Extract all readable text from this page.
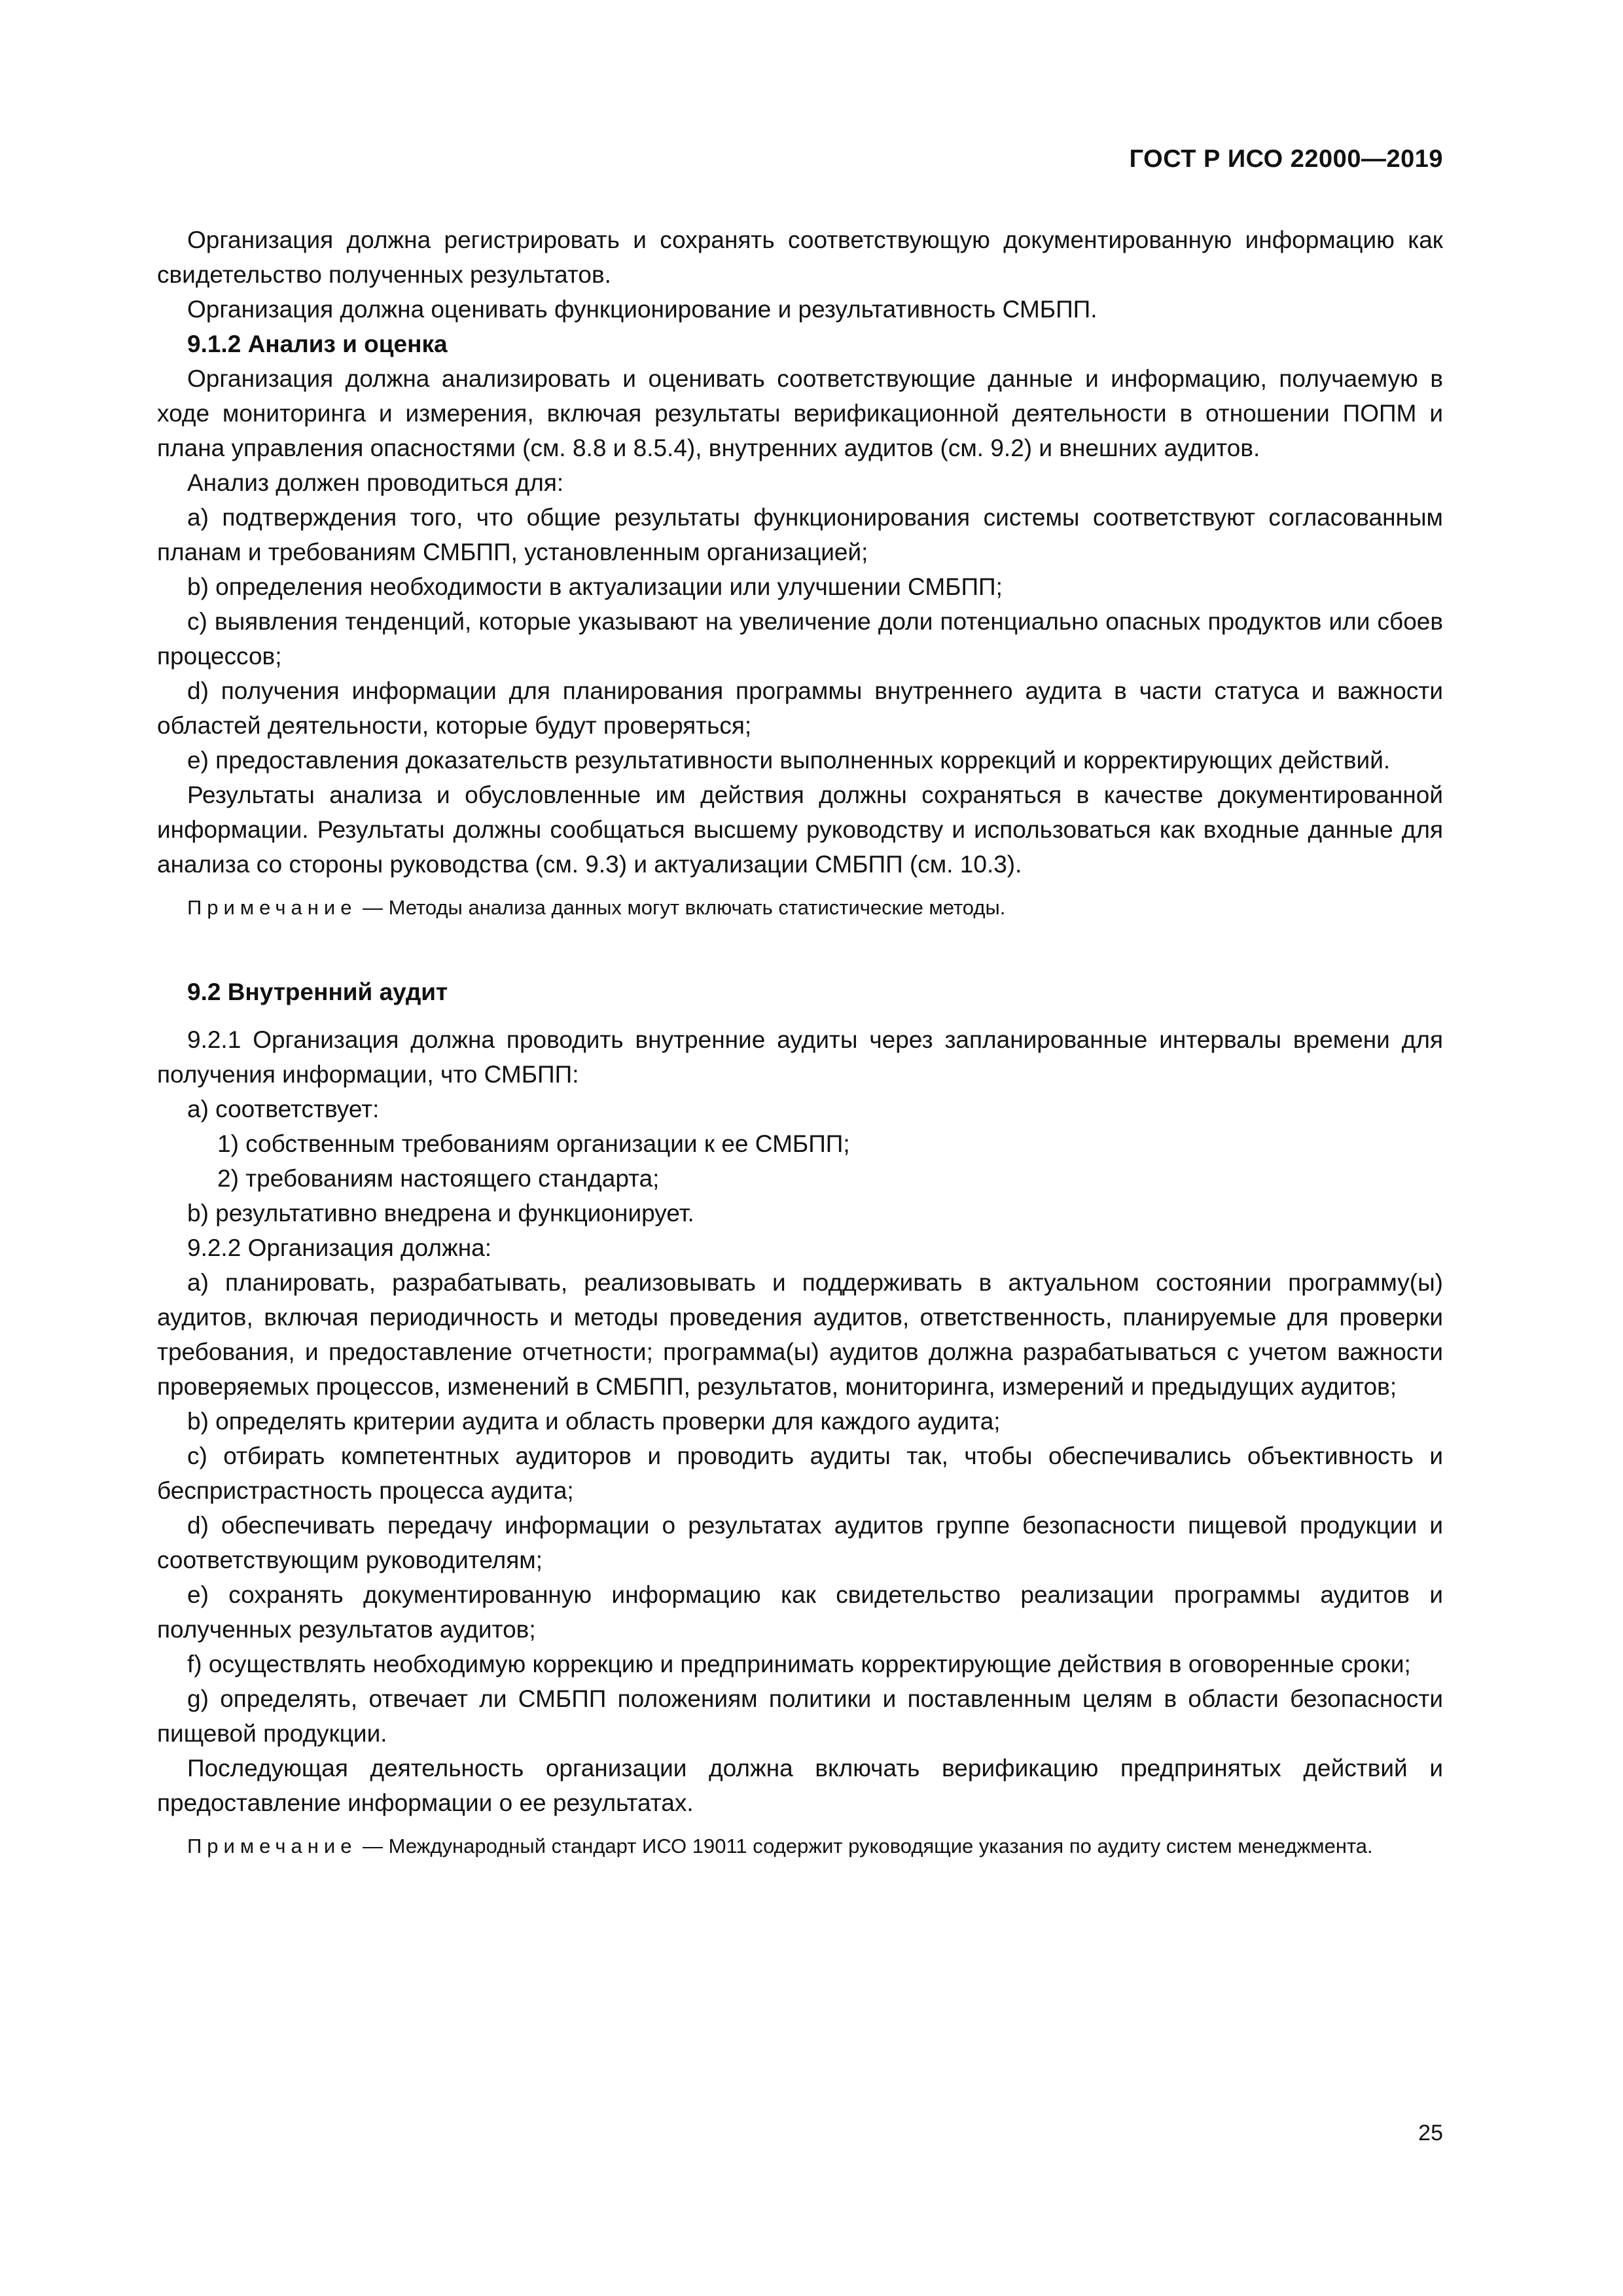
ГОСТ Р ИСО 22000—2019

Организация должна регистрировать и сохранять соответствующую документированную информацию как свидетельство полученных результатов.

Организация должна оценивать функционирование и результативность СМБПП.

9.1.2 Анализ и оценка

Организация должна анализировать и оценивать соответствующие данные и информацию, получаемую в ходе мониторинга и измерения, включая результаты верификационной деятельности в отношении ПОПМ и плана управления опасностями (см. 8.8 и 8.5.4), внутренних аудитов (см. 9.2) и внешних аудитов.

Анализ должен проводиться для:

а) подтверждения того, что общие результаты функционирования системы соответствуют согласованным планам и требованиям СМБПП, установленным организацией;

b) определения необходимости в актуализации или улучшении СМБПП;

с) выявления тенденций, которые указывают на увеличение доли потенциально опасных продуктов или сбоев процессов;

d) получения информации для планирования программы внутреннего аудита в части статуса и важности областей деятельности, которые будут проверяться;

е) предоставления доказательств результативности выполненных коррекций и корректирующих действий.

Результаты анализа и обусловленные им действия должны сохраняться в качестве документированной информации. Результаты должны сообщаться высшему руководству и использоваться как входные данные для анализа со стороны руководства (см. 9.3) и актуализации СМБПП (см. 10.3).

Примечание — Методы анализа данных могут включать статистические методы.

9.2 Внутренний аудит

9.2.1 Организация должна проводить внутренние аудиты через запланированные интервалы времени для получения информации, что СМБПП:

а) соответствует:

1) собственным требованиям организации к ее СМБПП;

2) требованиям настоящего стандарта;

b) результативно внедрена и функционирует.

9.2.2 Организация должна:

а) планировать, разрабатывать, реализовывать и поддерживать в актуальном состоянии программу(ы) аудитов, включая периодичность и методы проведения аудитов, ответственность, планируемые для проверки требования, и предоставление отчетности; программа(ы) аудитов должна разрабатываться с учетом важности проверяемых процессов, изменений в СМБПП, результатов, мониторинга, измерений и предыдущих аудитов;

b) определять критерии аудита и область проверки для каждого аудита;

с) отбирать компетентных аудиторов и проводить аудиты так, чтобы обеспечивались объективность и беспристрастность процесса аудита;

d) обеспечивать передачу информации о результатах аудитов группе безопасности пищевой продукции и соответствующим руководителям;

е) сохранять документированную информацию как свидетельство реализации программы аудитов и полученных результатов аудитов;

f) осуществлять необходимую коррекцию и предпринимать корректирующие действия в оговоренные сроки;

g) определять, отвечает ли СМБПП положениям политики и поставленным целям в области безопасности пищевой продукции.

Последующая деятельность организации должна включать верификацию предпринятых действий и предоставление информации о ее результатах.

Примечание — Международный стандарт ИСО 19011 содержит руководящие указания по аудиту систем менеджмента.

25
